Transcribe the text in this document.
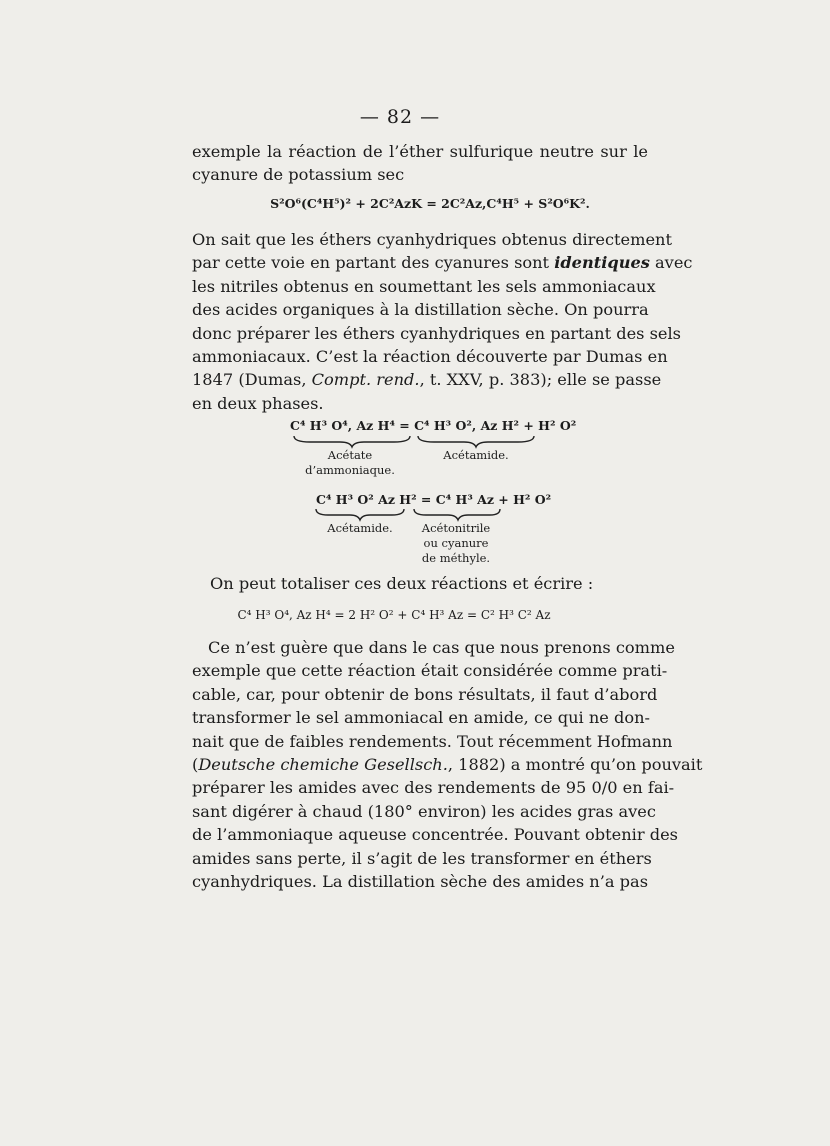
— 82 —
exemple la réaction de l’éther sulfurique neutre sur le
cyanure de potassium sec
S²O⁶(C⁴H⁵)² + 2C²AzK = 2C²Az,C⁴H⁵ + S²O⁶K².
On sait que les éthers cyanhydriques obtenus directement
par cette voie en partant des cyanures sont identiques avec
les nitriles obtenus en soumettant les sels ammoniacaux
des acides organiques à la distillation sèche. On pourra
donc préparer les éthers cyanhydriques en partant des sels
ammoniacaux. C’est la réaction découverte par Dumas en
1847 (Dumas, Compt. rend., t. XXV, p. 383); elle se passe
en deux phases.
C⁴ H³ O⁴, Az H⁴ = C⁴ H³ O², Az H² + H² O²
Acétate
d’ammoniaque.
Acétamide.
C⁴ H³ O² Az H² = C⁴ H³ Az + H² O²
Acétamide.	Acétonitrile
ou cyanure
de méthyle.
On peut totaliser ces deux réactions et écrire :
C⁴ H³ O⁴, Az H⁴ = 2 H² O² + C⁴ H³ Az = C² H³ C² Az
Ce n’est guère que dans le cas que nous prenons comme
exemple que cette réaction était considérée comme prati-
cable, car, pour obtenir de bons résultats, il faut d’abord
transformer le sel ammoniacal en amide, ce qui ne don-
nait que de faibles rendements. Tout récemment Hofmann
(Deutsche chemiche Gesellsch., 1882) a montré qu’on pouvait
préparer les amides avec des rendements de 95 0/0 en fai-
sant digérer à chaud (180° environ) les acides gras avec
de l’ammoniaque aqueuse concentrée. Pouvant obtenir des
amides sans perte, il s’agit de les transformer en éthers
cyanhydriques. La distillation sèche des amides n’a pas
